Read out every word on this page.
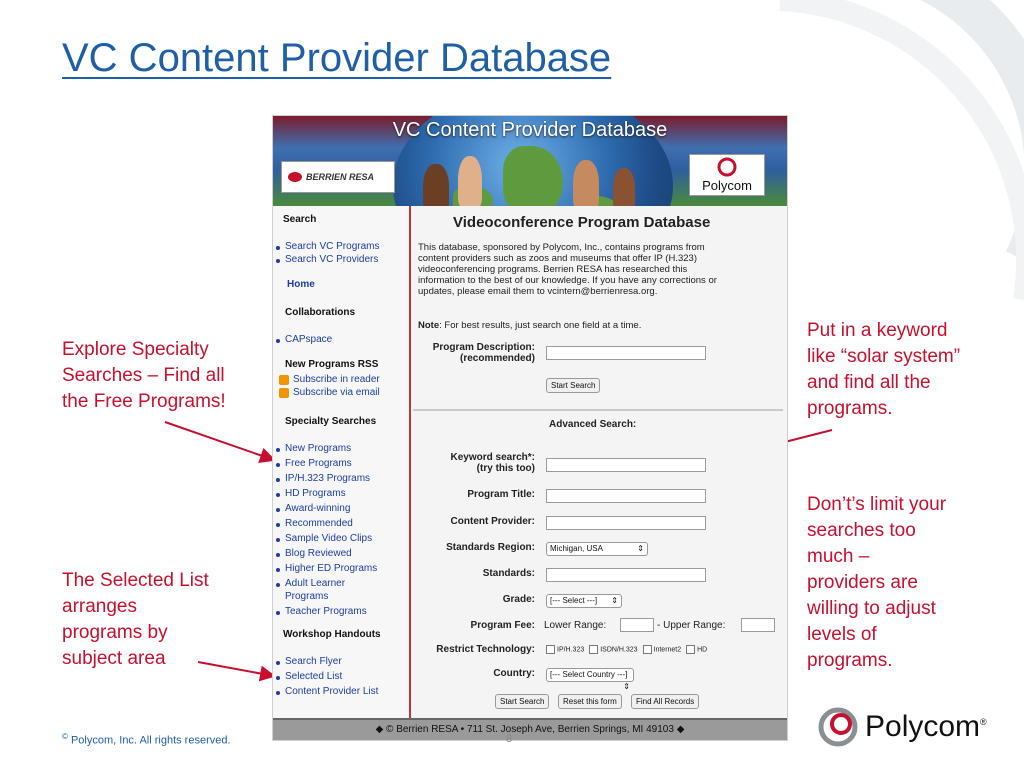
VC Content Provider Database
Explore Specialty
Searches – Find all
the Free Programs!
The Selected List
arranges
programs by
subject area
Put in a keyword
like “solar system”
and find all the
programs.
Don’t’s limit your
searches too
much –
providers are
willing to adjust
levels of
programs.
VC Content Provider Database
BERRIEN RESA
Polycom
Search
Search VC Programs
Search VC Providers
Home
Collaborations
CAPspace
New Programs RSS
Subscribe in reader
Subscribe via email
Specialty Searches
New Programs
Free Programs
IP/H.323 Programs
HD Programs
Award-winning
Recommended
Sample Video Clips
Blog Reviewed
Higher ED Programs
Adult Learner
Programs
Teacher Programs
Workshop Handouts
Search Flyer
Selected List
Content Provider List
Videoconference Program Database
This database, sponsored by Polycom, Inc., contains programs from
content providers such as zoos and museums that offer IP (H.323)
videoconferencing programs. Berrien RESA has researched this
information to the best of our knowledge. If you have any corrections or
updates, please email them to vcintern@berrienresa.org.
Note: For best results, just search one field at a time.
Program Description:
(recommended)
Start Search
Advanced Search:
Keyword search*:
(try this too)
Program Title:
Content Provider:
Standards Region:	Michigan, USA	⇕
Standards:
Grade:	[--- Select ---] ⇕
Program Fee: Lower Range:	- Upper Range:
Restrict Technology:	IP/H.323 ISDN/H.323 Internet2 HD
Country:	[--- Select Country ---]
⇕
Start Search	Reset this form	Find All Records
◆ © Berrien RESA • 711 St. Joseph Ave, Berrien Springs, MI 49103 ◆
© Polycom, Inc. All rights reserved.	8	Polycom®
